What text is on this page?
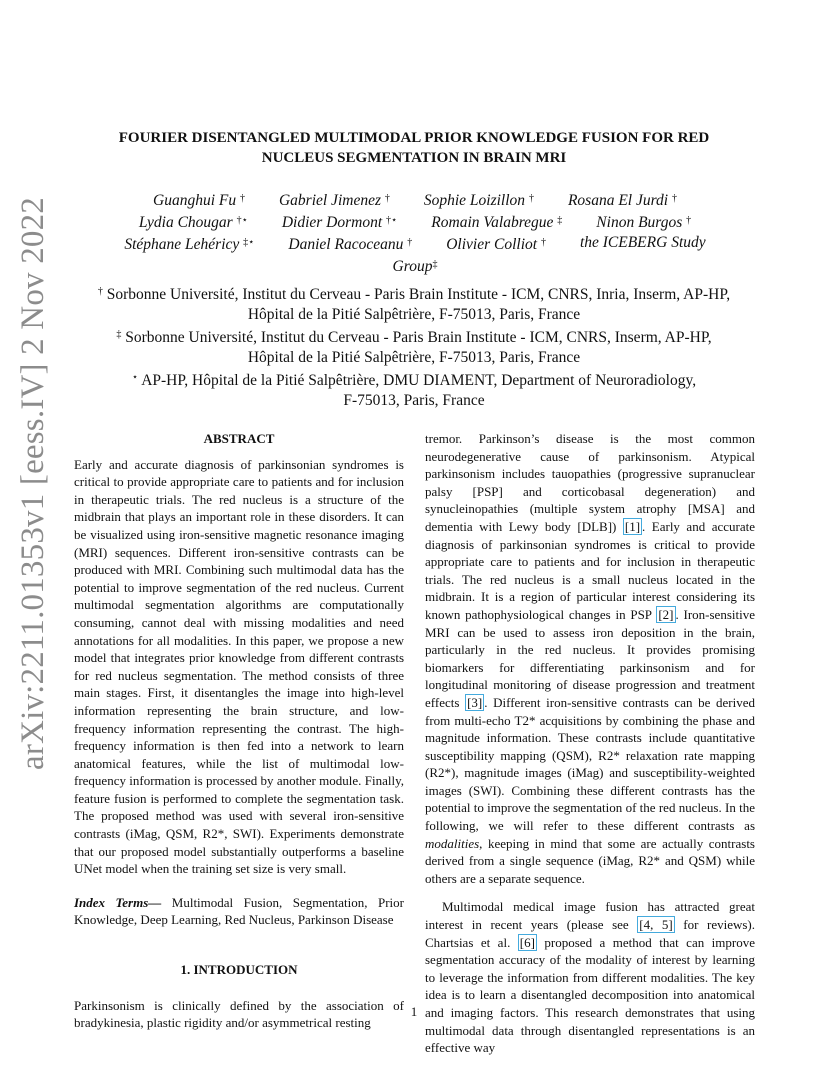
arXiv:2211.01353v1 [eess.IV] 2 Nov 2022
FOURIER DISENTANGLED MULTIMODAL PRIOR KNOWLEDGE FUSION FOR RED
NUCLEUS SEGMENTATION IN BRAIN MRI
Guanghui Fu † Gabriel Jimenez † Sophie Loizillon † Rosana El Jurdi †
Lydia Chougar †⋆ Didier Dormont †⋆ Romain Valabregue ‡ Ninon Burgos †
Stéphane Lehéricy ‡⋆ Daniel Racoceanu † Olivier Colliot † the ICEBERG Study
Group‡
† Sorbonne Université, Institut du Cerveau - Paris Brain Institute - ICM, CNRS, Inria, Inserm, AP-HP,
Hôpital de la Pitié Salpêtrière, F-75013, Paris, France
‡ Sorbonne Université, Institut du Cerveau - Paris Brain Institute - ICM, CNRS, Inserm, AP-HP,
Hôpital de la Pitié Salpêtrière, F-75013, Paris, France
⋆ AP-HP, Hôpital de la Pitié Salpêtrière, DMU DIAMENT, Department of Neuroradiology,
F-75013, Paris, France
ABSTRACT

Early and accurate diagnosis of parkinsonian syndromes is critical to provide appropriate care to patients and for inclusion in therapeutic trials. The red nucleus is a structure of the midbrain that plays an important role in these disorders. It can be visualized using iron-sensitive magnetic resonance imaging (MRI) sequences. Different iron-sensitive contrasts can be produced with MRI. Combining such multimodal data has the potential to improve segmentation of the red nucleus. Current multimodal segmentation algorithms are computationally consuming, cannot deal with missing modalities and need annotations for all modalities. In this paper, we propose a new model that integrates prior knowledge from different contrasts for red nucleus segmentation. The method consists of three main stages. First, it disentangles the image into high-level information representing the brain structure, and low-frequency information representing the contrast. The high-frequency information is then fed into a network to learn anatomical features, while the list of multimodal low-frequency information is processed by another module. Finally, feature fusion is performed to complete the segmentation task. The proposed method was used with several iron-sensitive contrasts (iMag, QSM, R2*, SWI). Experiments demonstrate that our proposed model substantially outperforms a baseline UNet model when the training set size is very small.

Index Terms— Multimodal Fusion, Segmentation, Prior Knowledge, Deep Learning, Red Nucleus, Parkinson Disease

1. INTRODUCTION

Parkinsonism is clinically defined by the association of bradykinesia, plastic rigidity and/or asymmetrical resting

tremor. Parkinson’s disease is the most common neurodegenerative cause of parkinsonism. Atypical parkinsonism includes tauopathies (progressive supranuclear palsy [PSP] and corticobasal degeneration) and synucleinopathies (multiple system atrophy [MSA] and dementia with Lewy body [DLB]) [1] . Early and accurate diagnosis of parkinsonian syndromes is critical to provide appropriate care to patients and for inclusion in therapeutic trials. The red nucleus is a small nucleus located in the midbrain. It is a region of particular interest considering its known pathophysiological changes in PSP [2] . Iron-sensitive MRI can be used to assess iron deposition in the brain, particularly in the red nucleus. It provides promising biomarkers for differentiating parkinsonism and for longitudinal monitoring of disease progression and treatment effects [3] . Different iron-sensitive contrasts can be derived from multi-echo T2* acquisitions by combining the phase and magnitude information. These contrasts include quantitative susceptibility mapping (QSM), R2* relaxation rate mapping (R2*), magnitude images (iMag) and susceptibility-weighted images (SWI). Combining these different contrasts has the potential to improve the segmentation of the red nucleus. In the following, we will refer to these different contrasts as modalities, keeping in mind that some are actually contrasts derived from a single sequence (iMag, R2* and QSM) while others are a separate sequence.

Multimodal medical image fusion has attracted great interest in recent years (please see [4, 5] for reviews). Chartsias et al. [6] proposed a method that can improve segmentation accuracy of the modality of interest by learning to leverage the information from different modalities. The key idea is to learn a disentangled decomposition into anatomical and imaging factors. This research demonstrates that using multimodal data through disentangled representations is an effective way

1
